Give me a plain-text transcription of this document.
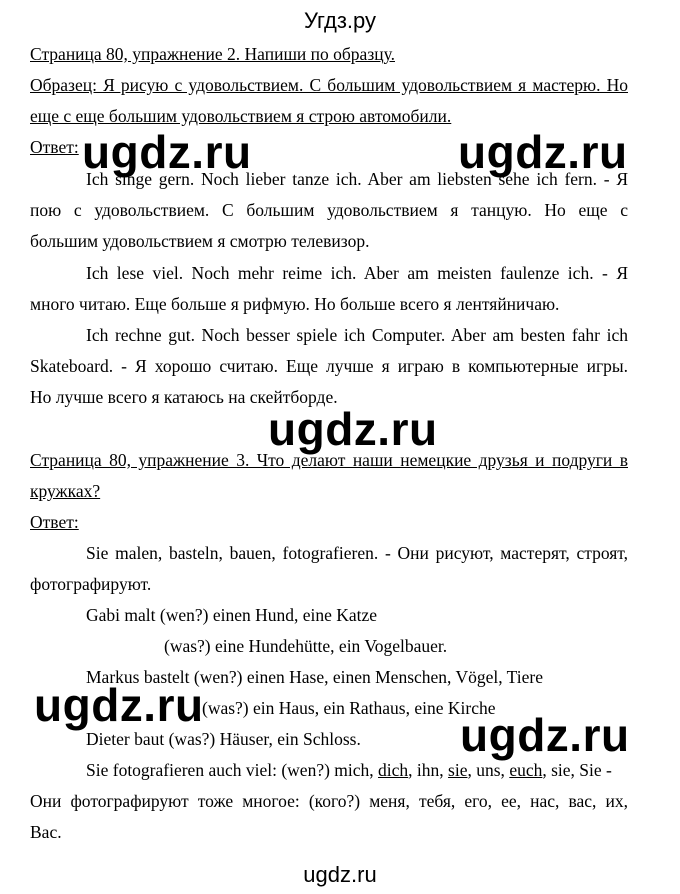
Угдз.ру
Страница 80, упражнение 2. Напиши по образцу.
Образец: Я рисую с удовольствием. С большим удовольствием я мастерю. Но
еще с еще большим удовольствием я строю автомобили.
Ответ:
Ich singe gern. Noch lieber tanze ich. Aber am liebsten sehe ich fern. - Я
пою с удовольствием. С большим удовольствием я танцую. Но еще с
большим удовольствием я смотрю телевизор.
Ich lese viel. Noch mehr reime ich. Aber am meisten faulenze ich. - Я
много читаю. Еще больше я рифмую. Но больше всего я лентяйничаю.
Ich rechne gut. Noch besser spiele ich Computer. Aber am besten fahr ich
Skateboard. - Я хорошо считаю. Еще лучше я играю в компьютерные игры.
Но лучше всего я катаюсь на скейтборде.
Страница 80, упражнение 3. Что делают наши немецкие друзья и подруги в
кружках?
Ответ:
Sie malen, basteln, bauen, fotografieren. - Они рисуют, мастерят, строят,
фотографируют.
Gabi malt (wen?) einen Hund, eine Katze
(was?) eine Hundehütte, ein Vogelbauer.
Markus bastelt (wen?) einen Hase, einen Menschen, Vögel, Tiere
(was?) ein Haus, ein Rathaus, eine Kirche
Dieter baut (was?) Häuser, ein Schloss.
Sie fotografieren auch viel: (wen?) mich, dich, ihn, sie, uns, euch, sie, Sie -
Они фотографируют тоже многое: (кого?) меня, тебя, его, ее, нас, вас, их,
Вас.
ugdz.ru	ugdz.ru
ugdz.ru
ugdz.ru
ugdz.ru
ugdz.ru
